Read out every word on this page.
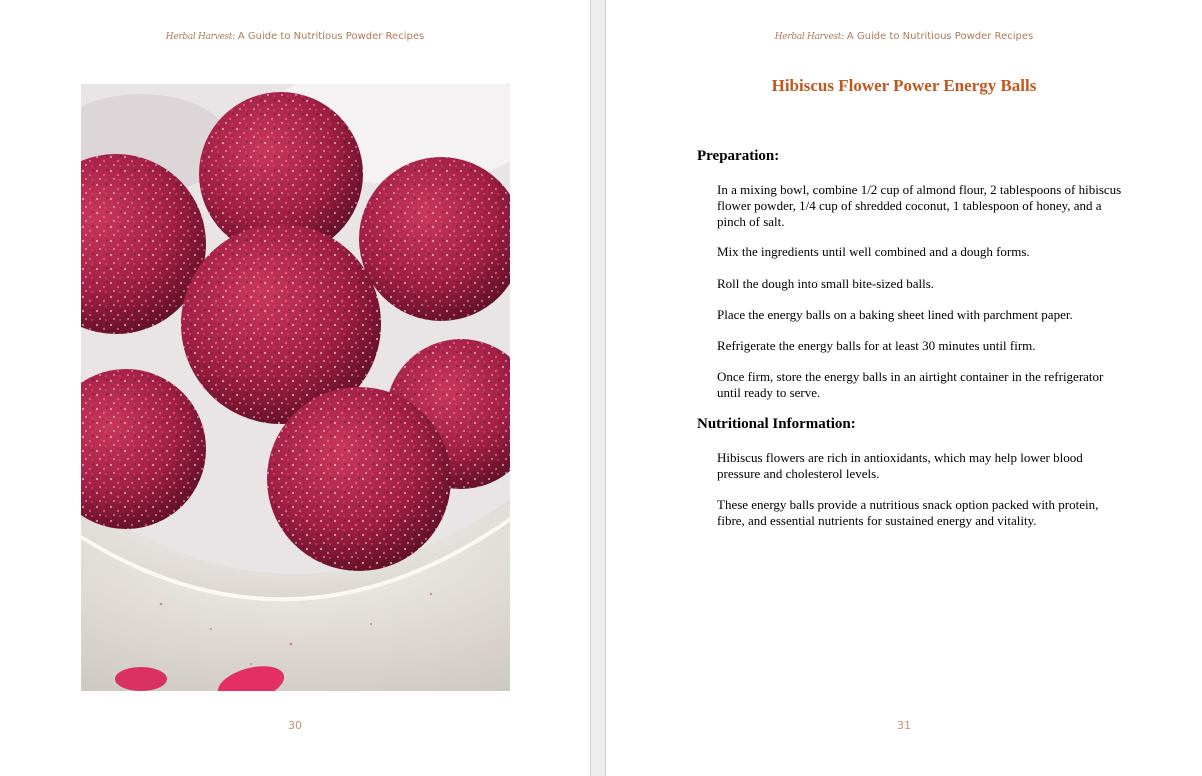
Herbal Harvest: A Guide to Nutritious Powder Recipes
30
Herbal Harvest: A Guide to Nutritious Powder Recipes
Hibiscus Flower Power Energy Balls
Preparation:
In a mixing bowl, combine 1/2 cup of almond flour, 2 tablespoons of hibiscus flower powder, 1/4 cup of shredded coconut, 1 tablespoon of honey, and a pinch of salt.
Mix the ingredients until well combined and a dough forms.
Roll the dough into small bite-sized balls.
Place the energy balls on a baking sheet lined with parchment paper.
Refrigerate the energy balls for at least 30 minutes until firm.
Once firm, store the energy balls in an airtight container in the refrigerator until ready to serve.
Nutritional Information:
Hibiscus flowers are rich in antioxidants, which may help lower blood pressure and cholesterol levels.
These energy balls provide a nutritious snack option packed with protein, fibre, and essential nutrients for sustained energy and vitality.
31
